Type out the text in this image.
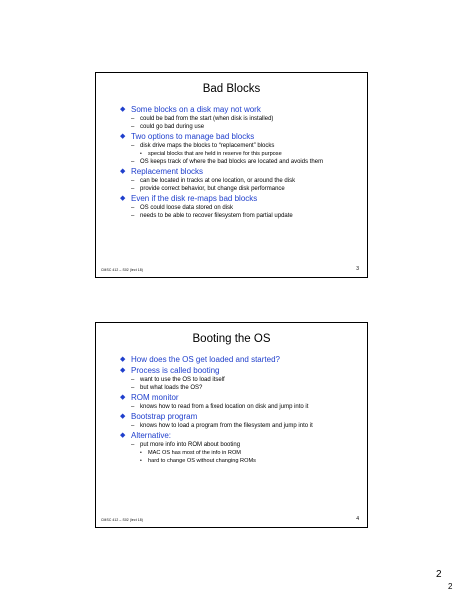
Bad Blocks
◆ Some blocks on a disk may not work
– could be bad from the start (when disk is installed)
– could go bad during use
◆ Two options to manage bad blocks
– disk drive maps the blocks to “replacement” blocks
•	special blocks that are held in reserve for this purpose
– OS keeps track of where the bad blocks are located and avoids them
◆ Replacement blocks
– can be located in tracks at one location, or around the disk
– provide correct behavior, but change disk performance
◆ Even if the disk re-maps bad blocks
– OS could loose data stored on disk
– needs to be able to recover filesystem from partial update
CMSC 412 – S02 (lect 18)	3
Booting the OS
◆ How does the OS get loaded and started?
◆ Process is called booting
– want to use the OS to load itself
– but what loads the OS?
◆ ROM monitor
– knows how to read from a fixed location on disk and jump into it
◆ Bootstrap program
– knows how to load a program from the filesystem and jump into it
◆ Alternative:
– put more info into ROM about booting
•	MAC OS has most of the info in ROM
•	hard to change OS without changing ROMs
CMSC 412 – S02 (lect 18)	4
2
2
